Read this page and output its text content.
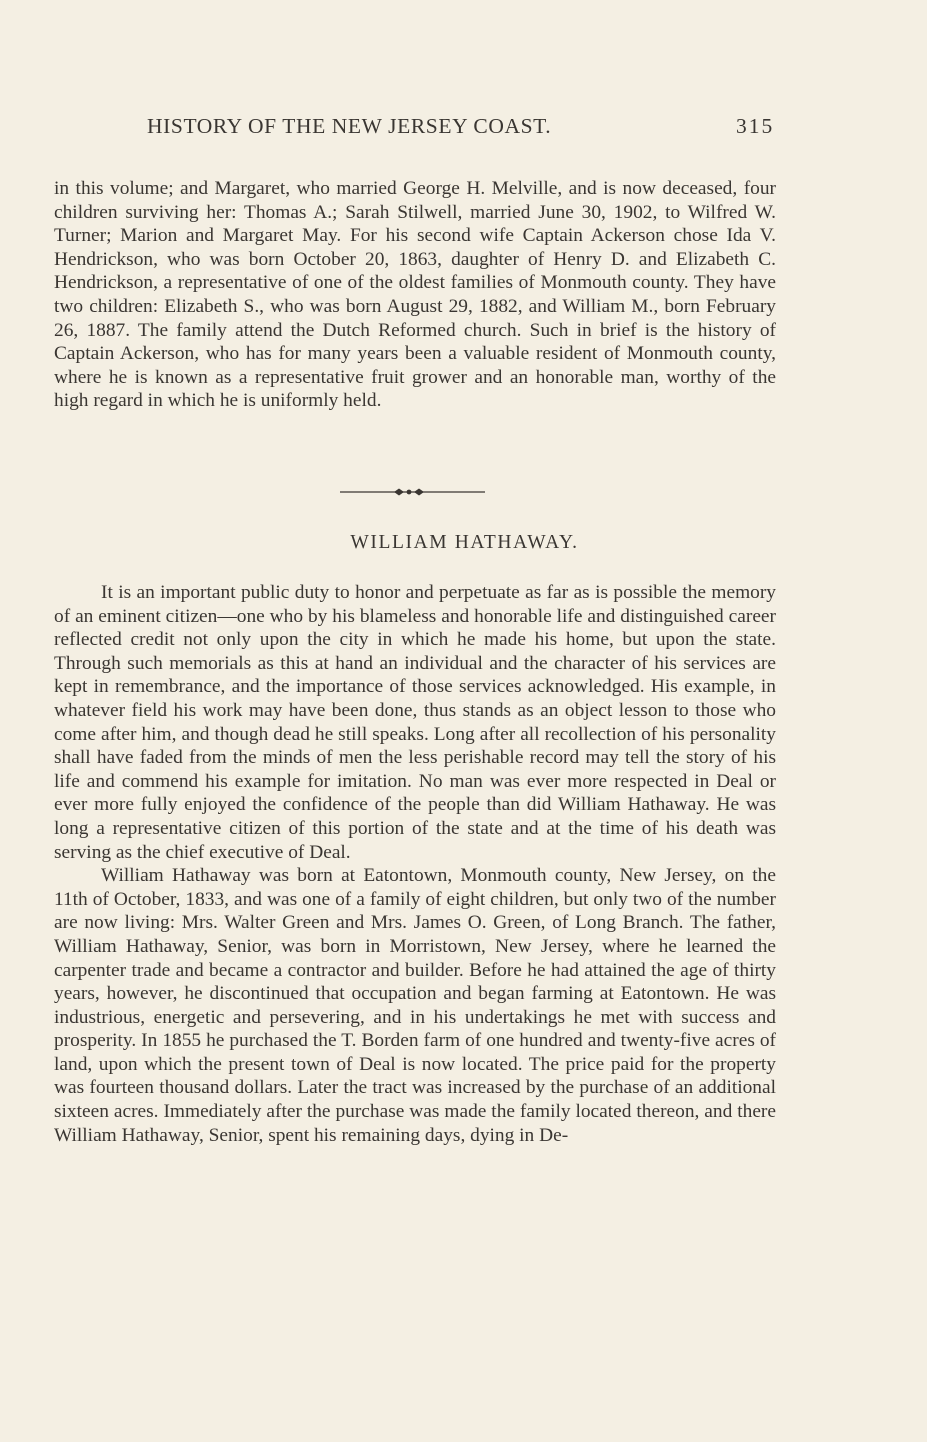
HISTORY OF THE NEW JERSEY COAST.	315

in this volume; and Margaret, who married George H. Melville, and is now deceased, four children surviving her: Thomas A.; Sarah Stilwell, married June 30, 1902, to Wilfred W. Turner; Marion and Margaret May. For his second wife Captain Ackerson chose Ida V. Hendrickson, who was born October 20, 1863, daughter of Henry D. and Elizabeth C. Hendrickson, a representative of one of the oldest families of Monmouth county. They have two children: Elizabeth S., who was born August 29, 1882, and William M., born February 26, 1887. The family attend the Dutch Reformed church. Such in brief is the history of Captain Ackerson, who has for many years been a valuable resident of Monmouth county, where he is known as a representative fruit grower and an honorable man, worthy of the high regard in which he is uniformly held.

WILLIAM HATHAWAY.

It is an important public duty to honor and perpetuate as far as is possible the memory of an eminent citizen—one who by his blameless and honorable life and distinguished career reflected credit not only upon the city in which he made his home, but upon the state. Through such memorials as this at hand an individual and the character of his services are kept in remembrance, and the importance of those services acknowledged. His example, in whatever field his work may have been done, thus stands as an object lesson to those who come after him, and though dead he still speaks. Long after all recollection of his personality shall have faded from the minds of men the less perishable record may tell the story of his life and commend his example for imitation. No man was ever more respected in Deal or ever more fully enjoyed the confidence of the people than did William Hathaway. He was long a representative citizen of this portion of the state and at the time of his death was serving as the chief executive of Deal.

William Hathaway was born at Eatontown, Monmouth county, New Jersey, on the 11th of October, 1833, and was one of a family of eight children, but only two of the number are now living: Mrs. Walter Green and Mrs. James O. Green, of Long Branch. The father, William Hathaway, Senior, was born in Morristown, New Jersey, where he learned the carpenter trade and became a contractor and builder. Before he had attained the age of thirty years, however, he discontinued that occupation and began farming at Eatontown. He was industrious, energetic and persevering, and in his undertakings he met with success and prosperity. In 1855 he purchased the T. Borden farm of one hundred and twenty-five acres of land, upon which the present town of Deal is now located. The price paid for the property was fourteen thousand dollars. Later the tract was increased by the purchase of an additional sixteen acres. Immediately after the purchase was made the family located thereon, and there William Hathaway, Senior, spent his remaining days, dying in De-
